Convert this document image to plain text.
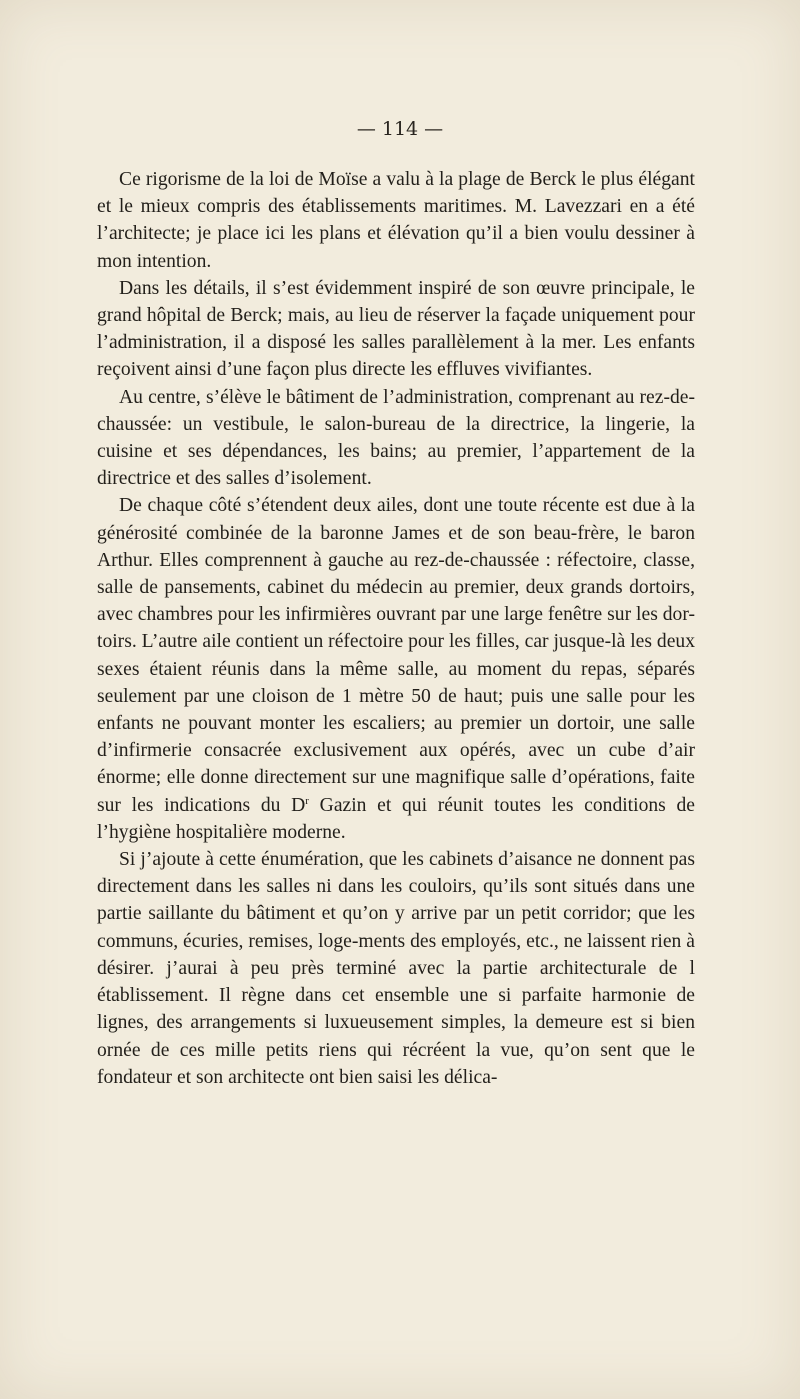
— 114 —

Ce rigorisme de la loi de Moïse a valu à la plage de Berck le plus élégant et le mieux compris des établissements maritimes. M. Lavezzari en a été l’architecte; je place ici les plans et élévation qu’il a bien voulu dessiner à mon intention.

Dans les détails, il s’est évidemment inspiré de son œuvre principale, le grand hôpital de Berck; mais, au lieu de réserver la façade uniquement pour l’administration, il a disposé les salles parallèlement à la mer. Les enfants reçoivent ainsi d’une façon plus directe les effluves vivifiantes.

Au centre, s’élève le bâtiment de l’administration, comprenant au rez-de-chaussée: un vestibule, le salon-bureau de la directrice, la lingerie, la cuisine et ses dépendances, les bains; au premier, l’appartement de la directrice et des salles d’isolement.

De chaque côté s’étendent deux ailes, dont une toute récente est due à la générosité combinée de la baronne James et de son beau-frère, le baron Arthur. Elles comprennent à gauche au rez-de-chaussée : réfectoire, classe, salle de pansements, cabinet du médecin au premier, deux grands dortoirs, avec chambres pour les infirmières ouvrant par une large fenêtre sur les dor-toirs. L’autre aile contient un réfectoire pour les filles, car jusque-là les deux sexes étaient réunis dans la même salle, au moment du repas, séparés seulement par une cloison de 1 mètre 50 de haut; puis une salle pour les enfants ne pouvant monter les escaliers; au premier un dortoir, une salle d’infirmerie consacrée exclusivement aux opérés, avec un cube d’air énorme; elle donne directement sur une magnifique salle d’opérations, faite sur les indications du $D^r$ Gazin et qui réunit toutes les conditions de l’hygiène hospitalière moderne.

Si j’ajoute à cette énumération, que les cabinets d’aisance ne donnent pas directement dans les salles ni dans les couloirs, qu’ils sont situés dans une partie saillante du bâtiment et qu’on y arrive par un petit corridor; que les communs, écuries, remises, loge-ments des employés, etc., ne laissent rien à désirer. j’aurai à peu près terminé avec la partie architecturale de l établissement. Il règne dans cet ensemble une si parfaite harmonie de lignes, des arrangements si luxueusement simples, la demeure est si bien ornée de ces mille petits riens qui récréent la vue, qu’on sent que le fondateur et son architecte ont bien saisi les délica-
